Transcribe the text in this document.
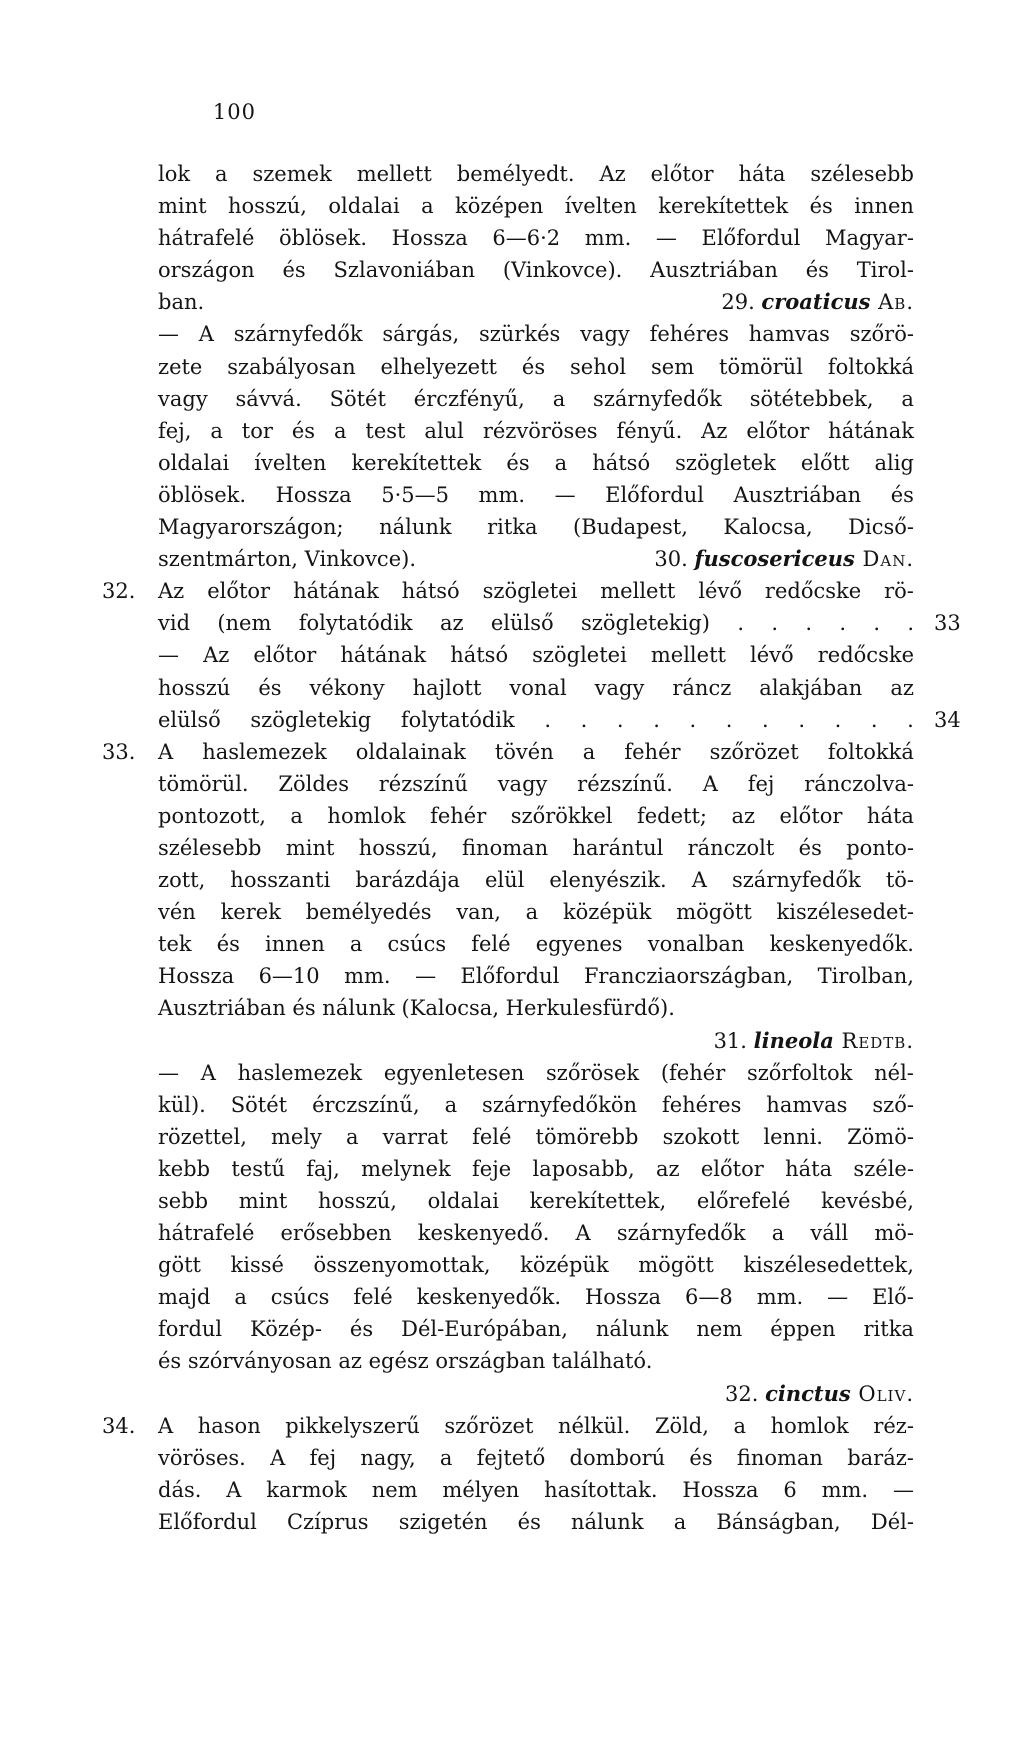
100
lok a szemek mellett bemélyedt. Az előtor háta szélesebb
mint hosszú, oldalai a középen ívelten kerekítettek és innen
hátrafelé öblösek. Hossza 6—6·2 mm. — Előfordul Magyar-
országon és Szlavoniában (Vinkovce). Ausztriában és Tirol-
ban.	29. croaticus Ab.
— A szárnyfedők sárgás, szürkés vagy fehéres hamvas szőrö-
zete szabályosan elhelyezett és sehol sem tömörül foltokká
vagy sávvá. Sötét érczfényű, a szárnyfedők sötétebbek, a
fej, a tor és a test alul rézvöröses fényű. Az előtor hátának
oldalai ívelten kerekítettek és a hátsó szögletek előtt alig
öblösek. Hossza 5·5—5 mm. — Előfordul Ausztriában és
Magyarországon; nálunk ritka (Budapest, Kalocsa, Dicső-
szentmárton, Vinkovce).	30. fuscosericeus Dan.
32. Az előtor hátának hátsó szögletei mellett lévő redőcske rö-
33
vid (nem folytatódik az elülső szögletekig) . . . . . .
— Az előtor hátának hátsó szögletei mellett lévő redőcske
hosszú és vékony hajlott vonal vagy ráncz alakjában az
34
elülső szögletekig folytatódik . . . . . . . . . . .
33. A haslemezek oldalainak tövén a fehér szőrözet foltokká
tömörül. Zöldes rézszínű vagy rézszínű. A fej ránczolva-
pontozott, a homlok fehér szőrökkel fedett; az előtor háta
szélesebb mint hosszú, finoman harántul ránczolt és ponto-
zott, hosszanti barázdája elül elenyészik. A szárnyfedők tö-
vén kerek bemélyedés van, a középük mögött kiszélesedet-
tek és innen a csúcs felé egyenes vonalban keskenyedők.
Hossza 6—10 mm. — Előfordul Francziaországban, Tirolban,
Ausztriában és nálunk (Kalocsa, Herkulesfürdő).
31. lineola Redtb.
— A haslemezek egyenletesen szőrösek (fehér szőrfoltok nél-
kül). Sötét érczszínű, a szárnyfedőkön fehéres hamvas sző-
rözettel, mely a varrat felé tömörebb szokott lenni. Zömö-
kebb testű faj, melynek feje laposabb, az előtor háta széle-
sebb mint hosszú, oldalai kerekítettek, előrefelé kevésbé,
hátrafelé erősebben keskenyedő. A szárnyfedők a váll mö-
gött kissé összenyomottak, középük mögött kiszélesedettek,
majd a csúcs felé keskenyedők. Hossza 6—8 mm. — Elő-
fordul Közép- és Dél-Európában, nálunk nem éppen ritka
és szórványosan az egész országban található.
32. cinctus Oliv.
34. A hason pikkelyszerű szőrözet nélkül. Zöld, a homlok réz-
vöröses. A fej nagy, a fejtető domború és finoman baráz-
dás. A karmok nem mélyen hasítottak. Hossza 6 mm. —
Előfordul Czíprus szigetén és nálunk a Bánságban, Dél-
